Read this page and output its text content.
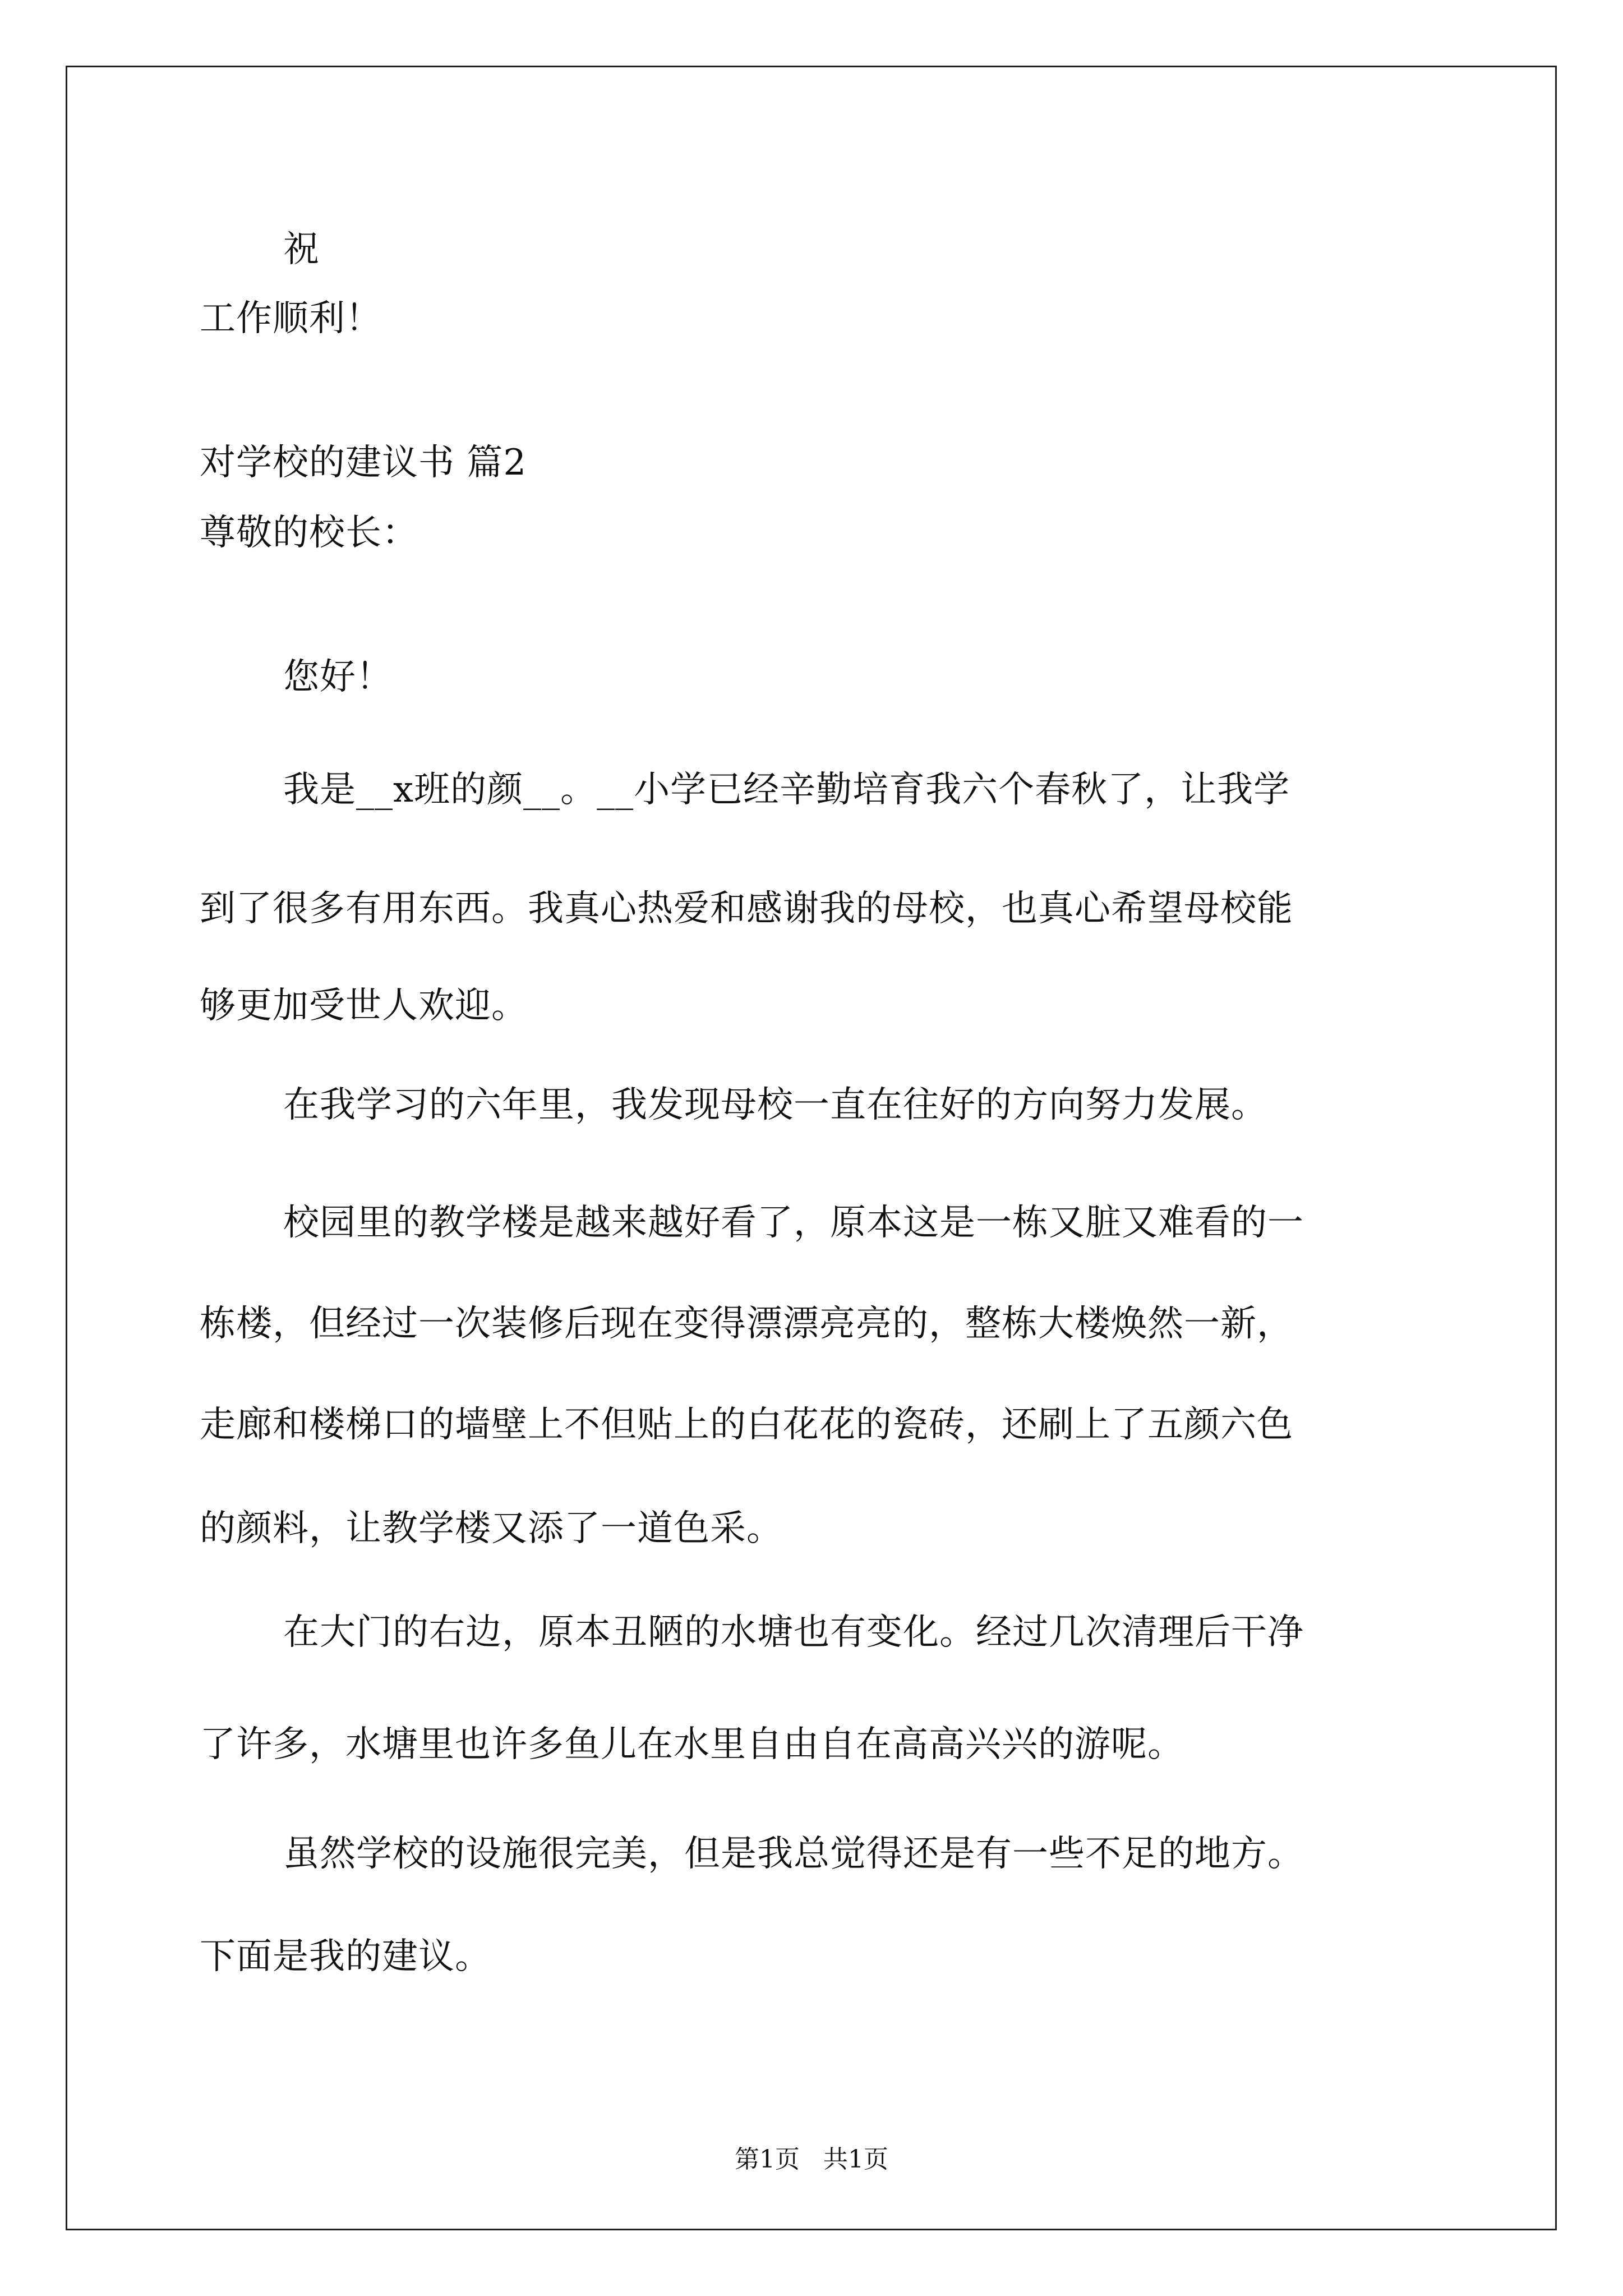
祝
工作顺利！
对学校的建议书 篇2
尊敬的校长：
您好！
我是__x班的颜__。__小学已经辛勤培育我六个春秋了，让我学
到了很多有用东西。我真心热爱和感谢我的母校，也真心希望母校能
够更加受世人欢迎。
在我学习的六年里，我发现母校一直在往好的方向努力发展。
校园里的教学楼是越来越好看了，原本这是一栋又脏又难看的一
栋楼，但经过一次装修后现在变得漂漂亮亮的，整栋大楼焕然一新，
走廊和楼梯口的墙壁上不但贴上的白花花的瓷砖，还刷上了五颜六色
的颜料，让教学楼又添了一道色采。
在大门的右边，原本丑陋的水塘也有变化。经过几次清理后干净
了许多，水塘里也许多鱼儿在水里自由自在高高兴兴的游呢。
虽然学校的设施很完美，但是我总觉得还是有一些不足的地方。
下面是我的建议。
第1页   共1页
